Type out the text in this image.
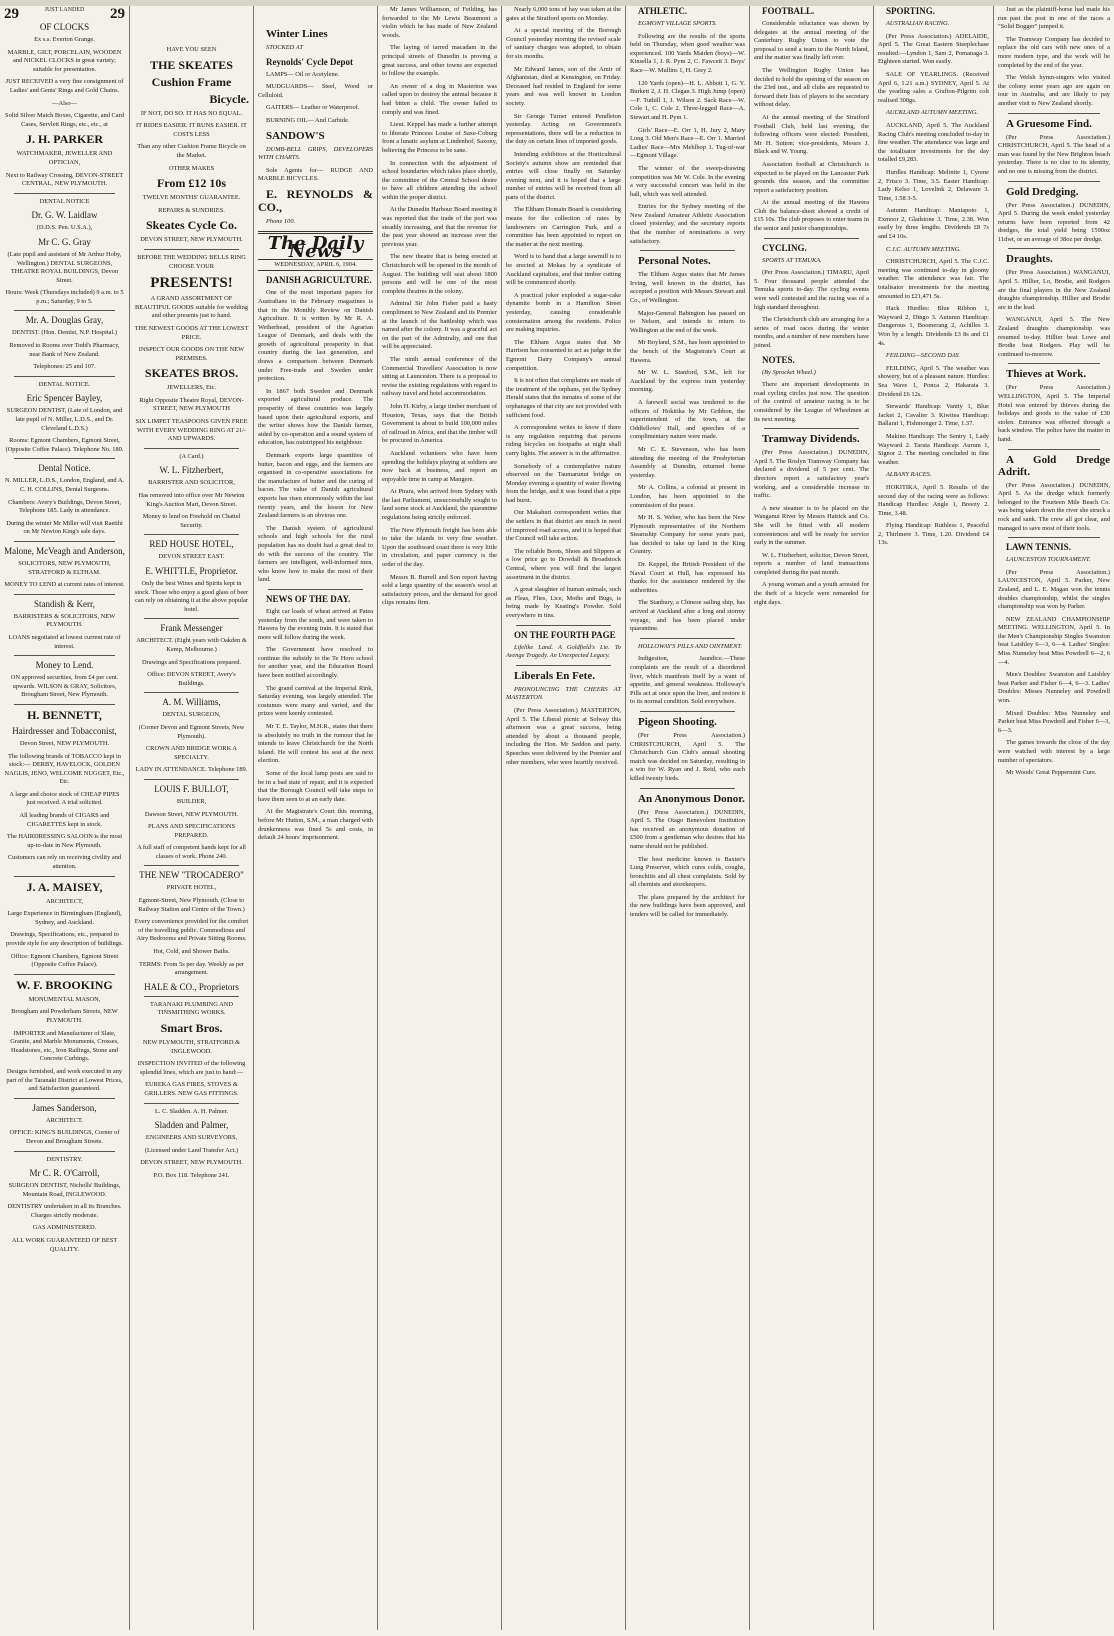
29	JUST LANDED 29

OF CLOCKS

Ex s.s. Everton Grange.

MARBLE, GILT, PORCELAIN, WOODEN and NICKEL CLOCKS in great variety; suitable for presentation.

JUST RECEIVED a very fine consignment of Ladies' and Gents' Rings and Gold Chains.

—Also—

Solid Silver Match Boxes, Cigarette, and Card Cases, Servlett Rings, etc., etc., at

J. H. PARKER

WATCHMAKER, JEWELLER AND OPTICIAN,

Next to Railway Crossing, DEVON-STREET CENTRAL, NEW PLYMOUTH.

DENTAL NOTICE

Dr. G. W. Laidlaw

(D.D.S. Pen. U.S.A.),

Mr C. G. Gray

(Late pupil and assistant of Mr Arthur Hoby, Wellington.) DENTAL SURGEONS, THEATRE ROYAL BUILDINGS, Devon Street.

Hours: Week (Thursdays included) 9 a.m. to 5 p.m.; Saturday, 9 to 5.

Mr. A. Douglas Gray,

DENTIST. (Hon. Dentist, N.P. Hospital.)

Removed to Rooms over Todd's Pharmacy, near Bank of New Zealand.

Telephones: 25 and 107.

DENTAL NOTICE.

Eric Spencer Bayley,

SURGEON DENTIST, (Late of London, and late pupil of N. Miller, L.D.S., and Dr. Cleveland L.D.S.)

Rooms: Egmont Chambers, Egmont Street, (Opposite Coffee Palace). Telephone No. 180.

Dental Notice.

N. MILLER, L.D.S., London, England, and A. C. H. COLLINS, Dental Surgeons.

Chambers: Avery's Buildings, Devon Street, Telephone 185. Lady in attendance.

During the winter Mr Miller will visit Raetihi on Mr Newton King's sale days.

Malone, McVeagh and Anderson,

SOLICITORS, NEW PLYMOUTH, STRATFORD & ELTHAM.

MONEY TO LEND at current rates of interest.

Standish & Kerr,

BARRISTERS & SOLICITORS, NEW PLYMOUTH.

LOANS negotiated at lowest current rate of interest.

Money to Lend.

ON approved securities, from £4 per cent. upwards. WILSON & GRAY, Solicitors, Brougham Street, New Plymouth.

H. BENNETT,

Hairdresser and Tobacconist,

Devon Street, NEW PLYMOUTH.

The following brands of TOBACCO kept in stock:— DERBY, HAVELOCK, GOLDEN NAGLIS, JENO, WELCOME NUGGET, Etc., Etc.

A large and choice stock of CHEAP PIPES just received. A trial solicited.

All leading brands of CIGARS and CIGARETTES kept in stock.

The HAIRDRESSING SALOON is the most up-to-date in New Plymouth.

Customers can rely on receiving civility and attention.

J. A. MAISEY,

ARCHITECT,

Large Experience in Birmingham (England), Sydney, and Auckland.

Drawings, Specifications, etc., prepared to provide style for any description of buildings.

Office: Egmont Chambers, Egmont Street (Opposite Coffee Palace).

W. F. BROOKING

MONUMENTAL MASON,

Brougham and Powderham Streets, NEW PLYMOUTH.

IMPORTER and Manufacturer of Slate, Granite, and Marble Monuments, Crosses, Headstones, etc., Iron Railings, Stone and Concrete Curbings.

Designs furnished, and work executed in any part of the Taranaki District at Lowest Prices, and Satisfaction guaranteed.

James Sanderson,

ARCHITECT.

OFFICE: KING'S BUILDINGS, Corner of Devon and Brougham Streets.

DENTISTRY.

Mr C. R. O'Carroll,

SURGEON DENTIST, Nicholls' Buildings, Mountain Road, INGLEWOOD.

DENTISTRY undertaken in all its Branches. Charges strictly moderate.

GAS ADMINISTERED.

ALL WORK GUARANTEED OF BEST QUALITY.

HAVE YOU SEEN

THE SKEATES

Cushion Frame

Bicycle.

IF NOT, DO SO. IT HAS NO EQUAL.

IT RIDES EASIER. IT RUNS EASIER. IT COSTS LESS

Than any other Cushion Frame Bicycle on the Market.

OTHER MAKES

From £12 10s

TWELVE MONTHS' GUARANTEE.

REPAIRS & SUNDRIES.

Skeates Cycle Co.

DEVON STREET, NEW PLYMOUTH.

BEFORE THE WEDDING BELLS RING CHOOSE YOUR

PRESENTS!

A GRAND ASSORTMENT OF BEAUTIFUL GOODS suitable for wedding and other presents just to hand.

THE NEWEST GOODS AT THE LOWEST PRICE.

INSPECT OUR GOODS ON THE NEW PREMISES.

SKEATES BROS.

JEWELLERS, Etc.

Right Opposite Theatre Royal, DEVON-STREET, NEW PLYMOUTH

SIX LIMPET TEASPOONS GIVEN FREE WITH EVERY WEDDING RING AT 21/- AND UPWARDS.

(A Card.)

W. L. Fitzherbert,

BARRISTER AND SOLICITOR,

Has removed into office over Mr Newton King's Auction Mart, Devon Street.

Money to lend on Freehold on Chattel Security.

RED HOUSE HOTEL,

DEVON STREET EAST.

E. WHITTLE, Proprietor.

Only the best Wines and Spirits kept in stock. Those who enjoy a good glass of beer can rely on obtaining it at the above popular hotel.

Frank Messenger

ARCHITECT. (Eight years with Oakden & Kemp, Melbourne.)

Drawings and Specifications prepared.

Office: DEVON STREET, Avery's Buildings.

A. M. Williams,

DENTAL SURGEON,

(Corner Devon and Egmont Streets, New Plymouth).

CROWN AND BRIDGE WORK A SPECIALTY.

LADY IN ATTENDANCE. Telephone 189.

LOUIS F. BULLOT,

BUILDER,

Dawson Street, NEW PLYMOUTH.

PLANS AND SPECIFICATIONS PREPARED.

A full staff of competent hands kept for all classes of work. Phone 240.

THE NEW "TROCADERO"

PRIVATE HOTEL,

Egmont-Street, New Plymouth. (Close to Railway Station and Centre of the Town.)

Every convenience provided for the comfort of the travelling public. Commodious and Airy Bedrooms and Private Sitting Rooms.

Hot, Cold, and Shower Baths.

TERMS: From 5s per day. Weekly as per arrangement.

HALE & CO., Proprietors

TARANAKI PLUMBING AND TINSMITHING WORKS.

Smart Bros.

NEW PLYMOUTH, STRATFORD & INGLEWOOD.

INSPECTION INVITED of the following splendid lines, which are just to hand:—

EUREKA GAS FIRES, STOVES & GRILLERS. NEW GAS FITTINGS.

L. C. Sladden. A. H. Palmer.

Sladden and Palmer,

ENGINEERS AND SURVEYORS,

(Licensed under Land Transfer Act.)

DEVON STREET, NEW PLYMOUTH.

P.O. Box 118. Telephone 241.

Winter Lines

STOCKED AT

Reynolds' Cycle Depot

LAMPS— Oil or Acetylene.

MUDGUARDS— Steel, Wood or Celluloid.

GAITERS— Leather or Waterproof.

BURNING OIL— And Carbide.

SANDOW'S

DUMB-BELL GRIPS, DEVELOPERS WITH CHARTS.

Sole Agents for— RUDGE AND MARBLE BICYCLES.

E. REYNOLDS & CO.,

Phone 100.

The Daily News
WEDNESDAY, APRIL 6, 1904.

DANISH AGRICULTURE.

One of the most important papers for Australians in the February magazines is that in the Monthly Review on Danish Agriculture. It is written by Mr R. A. Wetherhead, president of the Agrarian League of Denmark, and deals with the growth of agricultural prosperity in that country during the last generation, and draws a comparison between Denmark under Free-trade and Sweden under protection.

In 1867 both Sweden and Denmark exported agricultural produce. The prosperity of these countries was largely based upon their agricultural exports, and the writer shows how the Danish farmer, aided by co-operation and a sound system of education, has outstripped his neighbour.

Denmark exports large quantities of butter, bacon and eggs, and the farmers are organised in co-operative associations for the manufacture of butter and the curing of bacon. The value of Danish agricultural exports has risen enormously within the last twenty years, and the lesson for New Zealand farmers is an obvious one.

The Danish system of agricultural schools and high schools for the rural population has no doubt had a great deal to do with the success of the country. The farmers are intelligent, well-informed men, who know how to make the most of their land.

NEWS OF THE DAY.

Eight car loads of wheat arrived at Patea yesterday from the south, and were taken to Hawera by the evening train. It is stated that more will follow during the week.

The Government have resolved to continue the subsidy to the Te Horo school for another year, and the Education Board have been notified accordingly.

The grand carnival at the Imperial Rink, Saturday evening, was largely attended. The costumes were many and varied, and the prizes were keenly contested.

Mr T. E. Taylor, M.H.R., states that there is absolutely no truth in the rumour that he intends to leave Christchurch for the North Island. He will contest his seat at the next election.

Some of the local lamp posts are said to be in a bad state of repair, and it is expected that the Borough Council will take steps to have them seen to at an early date.

At the Magistrate's Court this morning, before Mr Hutton, S.M., a man charged with drunkenness was fined 5s and costs, in default 24 hours' imprisonment.

Mr James Williamson, of Feilding, has forwarded to the Mr Lewis Beaumont a violin which he has made of New Zealand woods.

The laying of tarred macadam in the principal streets of Dunedin is proving a great success, and other towns are expected to follow the example.

An owner of a dog in Masterton was called upon to destroy the animal because it had bitten a child. The owner failed to comply and was fined.

Lieut. Keppel has made a further attempt to liberate Princess Louise of Saxe-Coburg from a lunatic asylum at Lindenhof, Saxony, believing the Princess to be sane.

In connection with the adjustment of school boundaries which takes place shortly, the committee of the Central School desire to have all children attending the school within the proper district.

At the Dunedin Harbour Board meeting it was reported that the trade of the port was steadily increasing, and that the revenue for the past year showed an increase over the previous year.

The new theatre that is being erected at Christchurch will be opened in the month of August. The building will seat about 1800 persons and will be one of the most complete theatres in the colony.

Admiral Sir John Fisher paid a hasty compliment to New Zealand and its Premier at the launch of the battleship which was named after the colony. It was a graceful act on the part of the Admiralty, and one that will be appreciated.

The ninth annual conference of the Commercial Travellers' Association is now sitting at Launceston. There is a proposal to revise the existing regulations with regard to railway travel and hotel accommodation.

John H. Kirby, a large timber merchant of Houston, Texas, says that the British Government is about to build 100,000 miles of railroad in Africa, and that the timber will be procured in America.

Auckland volunteers who have been spending the holidays playing at soldiers are now back at business, and report an enjoyable time in camp at Mangere.

At Pirara, who arrived from Sydney with the last Parliament, unsuccessfully sought to land some stock at Auckland, the quarantine regulations being strictly enforced.

The New Plymouth freight has been able to take the islands to very fine weather. Upon the southward coast there is very little in circulation, and paper currency is the order of the day.

Messrs B. Burrell and Son report having sold a large quantity of the season's wool at satisfactory prices, and the demand for good clips remains firm.

Nearly 6,000 tons of hay was taken at the gates at the Stratford sports on Monday.

At a special meeting of the Borough Council yesterday morning the revised scale of sanitary charges was adopted, to obtain for six months.

Mr Edward James, son of the Amir of Afghanistan, died at Kensington, on Friday. Deceased had resided in England for some years and was well known in London society.

Sir George Turner entered Pendleton yesterday. Acting on Government's representations, there will be a reduction in the duty on certain lines of imported goods.

Intending exhibitors at the Horticultural Society's autumn show are reminded that entries will close finally on Saturday evening next, and it is hoped that a large number of entries will be received from all parts of the district.

The Eltham Domain Board is considering means for the collection of rates by landowners on Carrington Park, and a committee has been appointed to report on the matter at the next meeting.

Word is to hand that a large sawmill is to be erected at Mokau by a syndicate of Auckland capitalists, and that timber cutting will be commenced shortly.

A practical joker exploded a sugar-cake dynamite bomb in a Hamilton Street yesterday, causing considerable consternation among the residents. Police are making inquiries.

The Eltham Argus states that Mr Harrison has consented to act as judge in the Egmont Dairy Company's annual competition.

It is not often that complaints are made of the treatment of the orphans, yet the Sydney Herald states that the inmates of some of the orphanages of that city are not provided with sufficient food.

A correspondent writes to know if there is any regulation requiring that persons riding bicycles on footpaths at night shall carry lights. The answer is in the affirmative.

Somebody of a contemplative nature observed on the Taumarunui bridge on Monday evening a quantity of water flowing from the bridge, and it was found that a pipe had burst.

Our Makahuri correspondent writes that the settlers in that district are much in need of improved road access, and it is hoped that the Council will take action.

The reliable Boots, Shoes and Slippers at a low price go to Dowdall & Broadstock Central, where you will find the largest assortment in the district.

A great slaughter of human animals, such as Fleas, Flies, Lice, Moths and Bugs, is being made by Keating's Powder. Sold everywhere in tins.

ON THE FOURTH PAGE

Lifelike Land. A Goldfield's Lie. To Avenge Tragedy. An Unexpected Legacy.

Liberals En Fete.

PRONOUNCING THE CHEERS AT MASTERTON.

(Per Press Association.) MASTERTON, April 5. The Liberal picnic at Solway this afternoon was a great success, being attended by about a thousand people, including the Hon. Mr Seddon and party. Speeches were delivered by the Premier and other members, who were heartily received.

ATHLETIC.

EGMONT VILLAGE SPORTS.

Following are the results of the sports held on Thursday, when good weather was experienced. 100 Yards Maiden (boys)—W. Kinsella 1, J. R. Pym 2, C. Fawcett 3. Boys' Race—W. Mullins 1, H. Grey 2.

120 Yards (open)—H. L. Abbott 1, G. Y. Burkett 2, J. H. Clegan 3. High Jump (open)—F. Tuthill 1, J. Wilson 2. Sack Race—W. Cole 1, C. Cole 2. Three-legged Race—A. Stewart and H. Pym 1.

Girls' Race—E. Orr 1, H. Jury 2, Mary Long 3. Old Men's Race—E. Orr 1. Married Ladies' Race—Mrs Mehlhop 1. Tug-of-war—Egmont Village.

The winner of the sweep-drawing competition was Mr W. Cole. In the evening a very successful concert was held in the hall, which was well attended.

Entries for the Sydney meeting of the New Zealand Amateur Athletic Association closed yesterday, and the secretary reports that the number of nominations is very satisfactory.

Personal Notes.

The Eltham Argus states that Mr James Irving, well known in the district, has accepted a position with Messrs Stewart and Co., of Wellington.

Major-General Babington has passed on to Nelson, and intends to return to Wellington at the end of the week.

Mr Boyland, S.M., has been appointed to the bench of the Magistrate's Court at Hawera.

Mr W. L. Stanford, S.M., left for Auckland by the express train yesterday morning.

A farewell social was tendered to the officers of Hokitika by Mr Gribbon, the superintendent of the town, at the Oddfellows' Hall, and speeches of a complimentary nature were made.

Mr C. E. Stevenson, who has been attending the meeting of the Presbyterian Assembly at Dunedin, returned home yesterday.

Mr A. Collins, a colonial at present in London, has been appointed to the commission of the peace.

Mr H. S. Weber, who has been the New Plymouth representative of the Northern Steamship Company for some years past, has decided to take up land in the King Country.

Dr. Keppel, the British President of the Naval Court at Hull, has expressed his thanks for the assistance rendered by the authorities.

The Stanbury, a Chinese sailing ship, has arrived at Auckland after a long and stormy voyage, and has been placed under quarantine.

HOLLOWAY'S PILLS AND OINTMENT.

Indigestion, Jaundice.—These complaints are the result of a disordered liver, which manifests itself by a want of appetite, and general weakness. Holloway's Pills act at once upon the liver, and restore it to its normal condition. Sold everywhere.

Pigeon Shooting.

(Per Press Association.) CHRISTCHURCH, April 5. The Christchurch Gun Club's annual shooting match was decided on Saturday, resulting in a win for W. Ryan and J. Reid, who each killed twenty birds.

An Anonymous Donor.

(Per Press Association.) DUNEDIN, April 5. The Otago Benevolent Institution has received an anonymous donation of £500 from a gentleman who desires that his name should not be published.

The best medicine known is Baxter's Lung Preserver, which cures colds, coughs, bronchitis and all chest complaints. Sold by all chemists and storekeepers.

The plans prepared by the architect for the new buildings have been approved, and tenders will be called for immediately.

FOOTBALL.

Considerable reluctance was shown by delegates at the annual meeting of the Canterbury Rugby Union to vote the proposal to send a team to the North Island, and the matter was finally left over.

The Wellington Rugby Union has decided to hold the opening of the season on the 23rd inst., and all clubs are requested to forward their lists of players to the secretary without delay.

At the annual meeting of the Stratford Football Club, held last evening, the following officers were elected: President, Mr H. Sutton; vice-presidents, Messrs J. Black and W. Young.

Association football at Christchurch is expected to be played on the Lancaster Park grounds this season, and the committee report a satisfactory position.

At the annual meeting of the Hawera Club the balance-sheet showed a credit of £15 10s. The club proposes to enter teams in the senior and junior championships.

CYCLING.

SPORTS AT TEMUKA.

(Per Press Association.) TIMARU, April 5. Four thousand people attended the Temuka sports to-day. The cycling events were well contested and the racing was of a high standard throughout.

The Christchurch club are arranging for a series of road races during the winter months, and a number of new members have joined.

NOTES.

(By Sprocket Wheel.)

There are important developments in road cycling circles just now. The question of the control of amateur racing is to be considered by the League of Wheelmen at its next meeting.

Tramway Dividends.

(Per Press Association.) DUNEDIN, April 5. The Roslyn Tramway Company has declared a dividend of 5 per cent. The directors report a satisfactory year's working, and a considerable increase in traffic.

A new steamer is to be placed on the Wanganui River by Messrs Hatrick and Co. She will be fitted with all modern conveniences and will be ready for service early in the summer.

W. L. Fitzherbert, solicitor, Devon Street, reports a number of land transactions completed during the past month.

A young woman and a youth arrested for the theft of a bicycle were remanded for eight days.

SPORTING.

AUSTRALIAN RACING.

(Per Press Association.) ADELAIDE, April 5. The Great Eastern Steeplechase resulted:—Lyndon 1, Sam 2, Pomanaga 3. Eighteen started. Won easily.

SALE OF YEARLINGS. (Received April 6, 1.21 a.m.) SYDNEY, April 5. At the yearling sales a Grafton-Pilgrim colt realised 300gs.

AUCKLAND AUTUMN MEETING.

AUCKLAND, April 5. The Auckland Racing Club's meeting concluded to-day in fine weather. The attendance was large and the totalisator investments for the day totalled £9,283.

Hurdles Handicap: Melinite 1, Cyrene 2, Frisco 3. Time, 3.5. Easter Handicap: Lady Kelso 1, Lovelink 2, Delaware 3. Time, 1.58 3-5.

Autumn Handicap: Maniapoto 1, Exmoor 2, Gladstone 3. Time, 2.38. Won easily by three lengths. Dividends £8 7s and £4 10s.

C.J.C. AUTUMN MEETING.

CHRISTCHURCH, April 5. The C.J.C. meeting was continued to-day in gloomy weather. The attendance was fair. The totalisator investments for the meeting amounted to £21,471 5s.

Hack Hurdles: Blue Ribbon 1, Wayward 2, Dingo 3. Autumn Handicap: Dangerous 1, Boomerang 2, Achilles 3. Won by a length. Dividends £3 8s and £1 4s.

FEILDING—SECOND DAY.

FEILDING, April 5. The weather was showery, but of a pleasant nature. Hurdles: Sea Wave 1, Ponca 2, Hakaraia 3. Dividend £6 12s.

Stewards' Handicap: Vanity 1, Blue Jacket 2, Cavalier 3. Kiwitea Handicap: Ballarat 1, Fishmonger 2. Time, 1.37.

Makino Handicap: The Sentry 1, Lady Wayward 2. Tarata Handicap: Aurum 1, Signor 2. The meeting concluded in fine weather.

ALBANY RACES.

HOKITIKA, April 5. Results of the second day of the racing were as follows: Handicap Hurdles: Angle 1, Breezy 2. Time, 3.48.

Flying Handicap: Ruthless 1, Peaceful 2, Thirlmere 3. Time, 1.20. Dividend £4 13s.

Just as the plaintiff-horse had made his run past the post in one of the races a "Solid Bogger" jumped it.

The Tramway Company has decided to replace the old cars with new ones of a more modern type, and the work will be completed by the end of the year.

The Welsh hymn-singers who visited the colony some years ago are again on tour in Australia, and are likely to pay another visit to New Zealand shortly.

A Gruesome Find.

(Per Press Association.) CHRISTCHURCH, April 5. The head of a man was found by the New Brighton beach yesterday. There is no clue to its identity, and no one is missing from the district.

Gold Dredging.

(Per Press Association.) DUNEDIN, April 5. During the week ended yesterday returns have been reported from 42 dredges, the total yield being 1590oz 11dwt, or an average of 38oz per dredge.

Draughts.

(Per Press Association.) WANGANUI, April 5. Hillier, Lo, Brodie, and Rodgers are the final players in the New Zealand draughts championship. Hillier and Brodie are in the lead.

WANGANUI, April 5. The New Zealand draughts championship was resumed to-day. Hillier beat Lowe and Brodie beat Rodgers. Play will be continued to-morrow.

Thieves at Work.

(Per Press Association.) WELLINGTON, April 5. The Imperial Hotel was entered by thieves during the holidays and goods to the value of £30 stolen. Entrance was effected through a back window. The police have the matter in hand.

A Gold Dredge Adrift.

(Per Press Association.) DUNEDIN, April 5. As the dredge which formerly belonged to the Fourteen Mile Beach Co. was being taken down the river she struck a rock and sank. The crew all got clear, and managed to save most of their tools.

LAWN TENNIS.

LAUNCESTON TOURNAMENT.

(Per Press Association.) LAUNCESTON, April 5. Parker, New Zealand, and L. E. Magan won the tennis doubles championship, whilst the singles championship was won by Parker.

NEW ZEALAND CHAMPIONSHIP MEETING. WELLINGTON, April 5. In the Men's Championship Singles Swanston beat Laishley 6—3, 6—4. Ladies' Singles: Miss Nunneley beat Miss Powdrell 6—2, 6—4.

Men's Doubles: Swanston and Laishley beat Parker and Fisher 6—4, 6—3. Ladies' Doubles: Misses Nunneley and Powdrell won.

Mixed Doubles: Miss Nunneley and Parker beat Miss Powdrell and Fisher 6—3, 6—3.

The games towards the close of the day were watched with interest by a large number of spectators.

Mr Woods' Great Peppermint Cure.
